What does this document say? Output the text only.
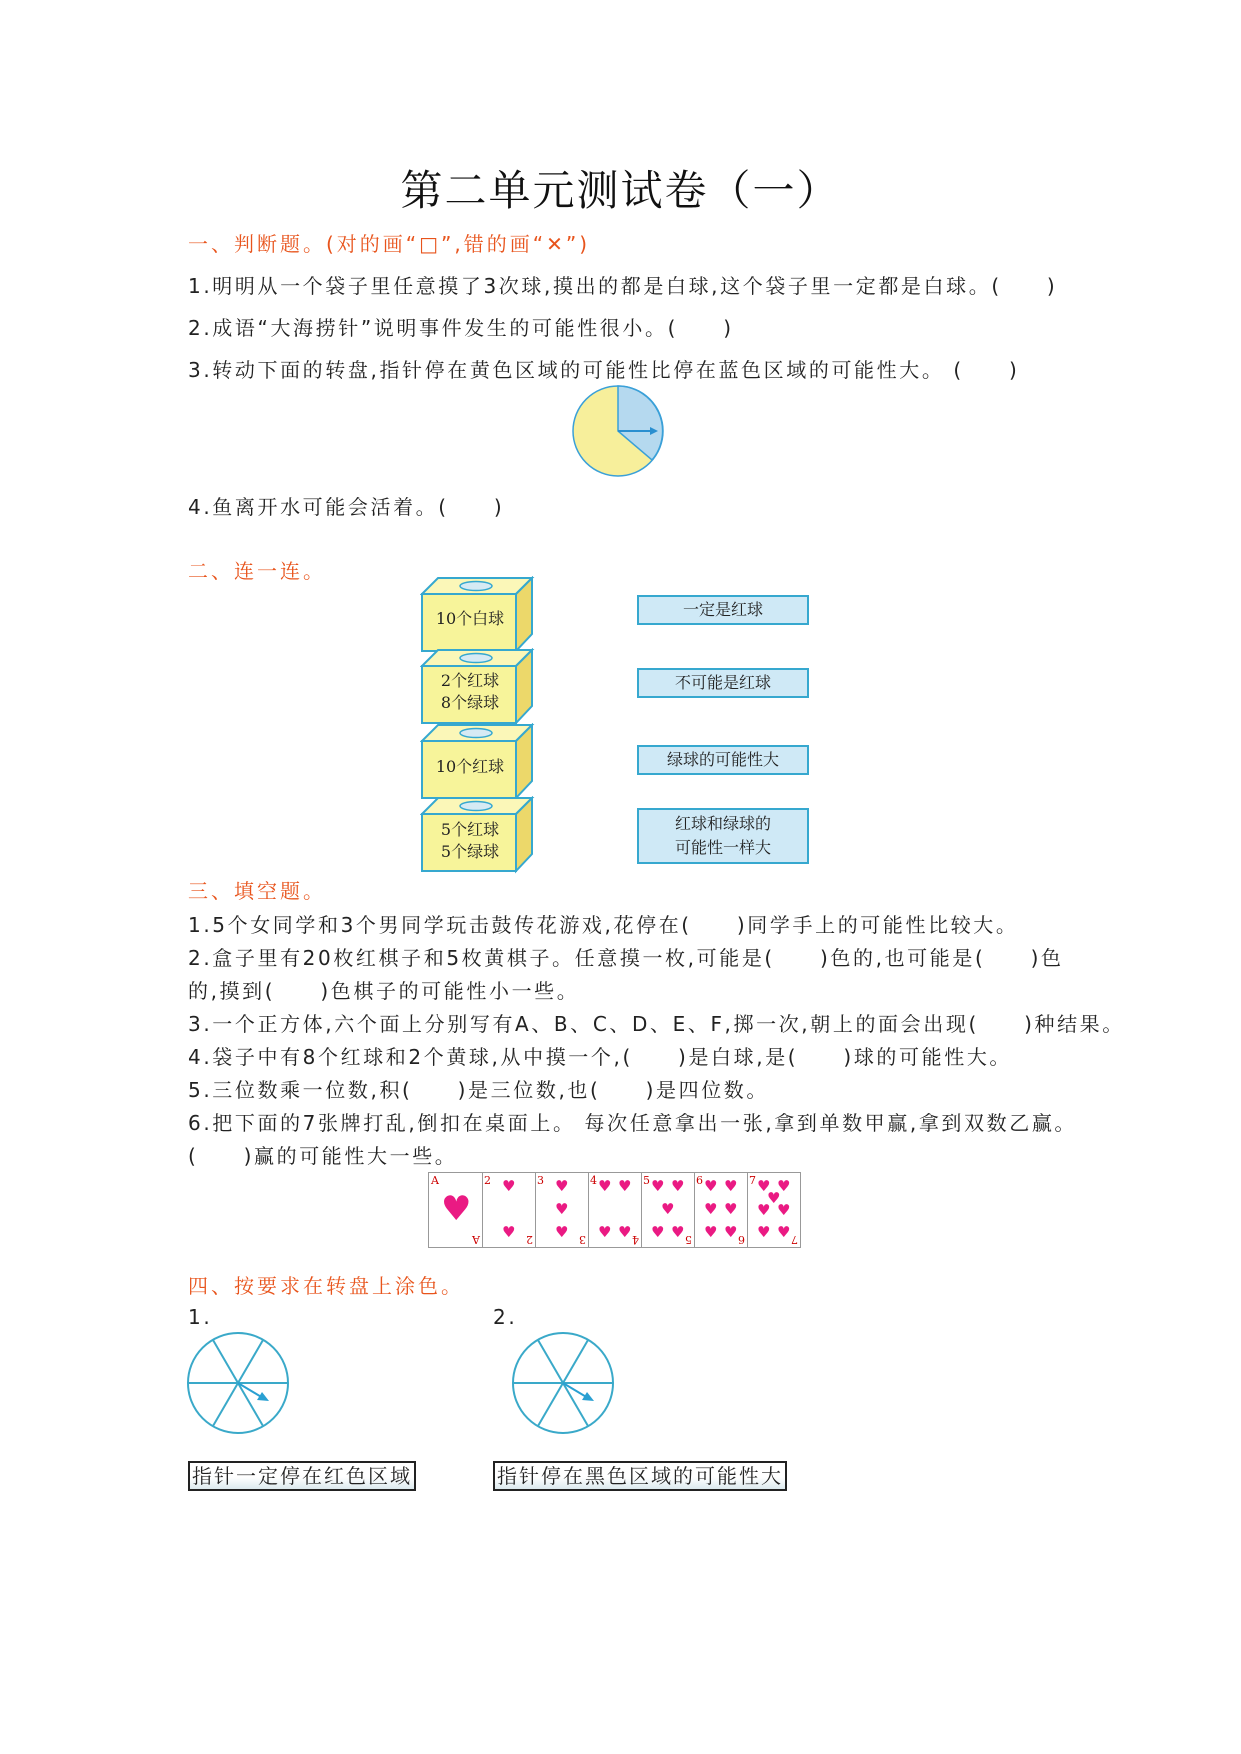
第二单元测试卷（一）
一、判断题。(对的画“□”,错的画“✕”)
1.明明从一个袋子里任意摸了3次球,摸出的都是白球,这个袋子里一定都是白球。(　　)
2.成语“大海捞针”说明事件发生的可能性很小。(　　)
3.转动下面的转盘,指针停在黄色区域的可能性比停在蓝色区域的可能性大。 (　　)
4.鱼离开水可能会活着。(　　)
二、连一连。
10个白球
2个红球
8个绿球
10个红球
5个红球
5个绿球
一定是红球
不可能是红球
绿球的可能性大
红球和绿球的
可能性一样大
三、填空题。
1.5个女同学和3个男同学玩击鼓传花游戏,花停在(　　)同学手上的可能性比较大。
2.盒子里有20枚红棋子和5枚黄棋子。任意摸一枚,可能是(　　)色的,也可能是(　　)色
的,摸到(　　)色棋子的可能性小一些。
3.一个正方体,六个面上分别写有A、B、C、D、E、F,掷一次,朝上的面会出现(　　)种结果。
4.袋子中有8个红球和2个黄球,从中摸一个,(　　)是白球,是(　　)球的可能性大。
5.三位数乘一位数,积(　　)是三位数,也(　　)是四位数。
6.把下面的7张牌打乱,倒扣在桌面上。 每次任意拿出一张,拿到单数甲赢,拿到双数乙赢。
(　　)赢的可能性大一些。
A
♥
A
2 ♥
♥ 2
3 ♥
♥
♥ 3
4 ♥ ♥
♥ ♥ 4
5 ♥ ♥
♥
♥ ♥ 5
6 ♥ ♥
♥ ♥
♥ ♥ 6
7 ♥ ♥
♥
♥ ♥
♥ ♥ 7
四、按要求在转盘上涂色。
1.	2.
指针一定停在红色区域	指针停在黑色区域的可能性大
